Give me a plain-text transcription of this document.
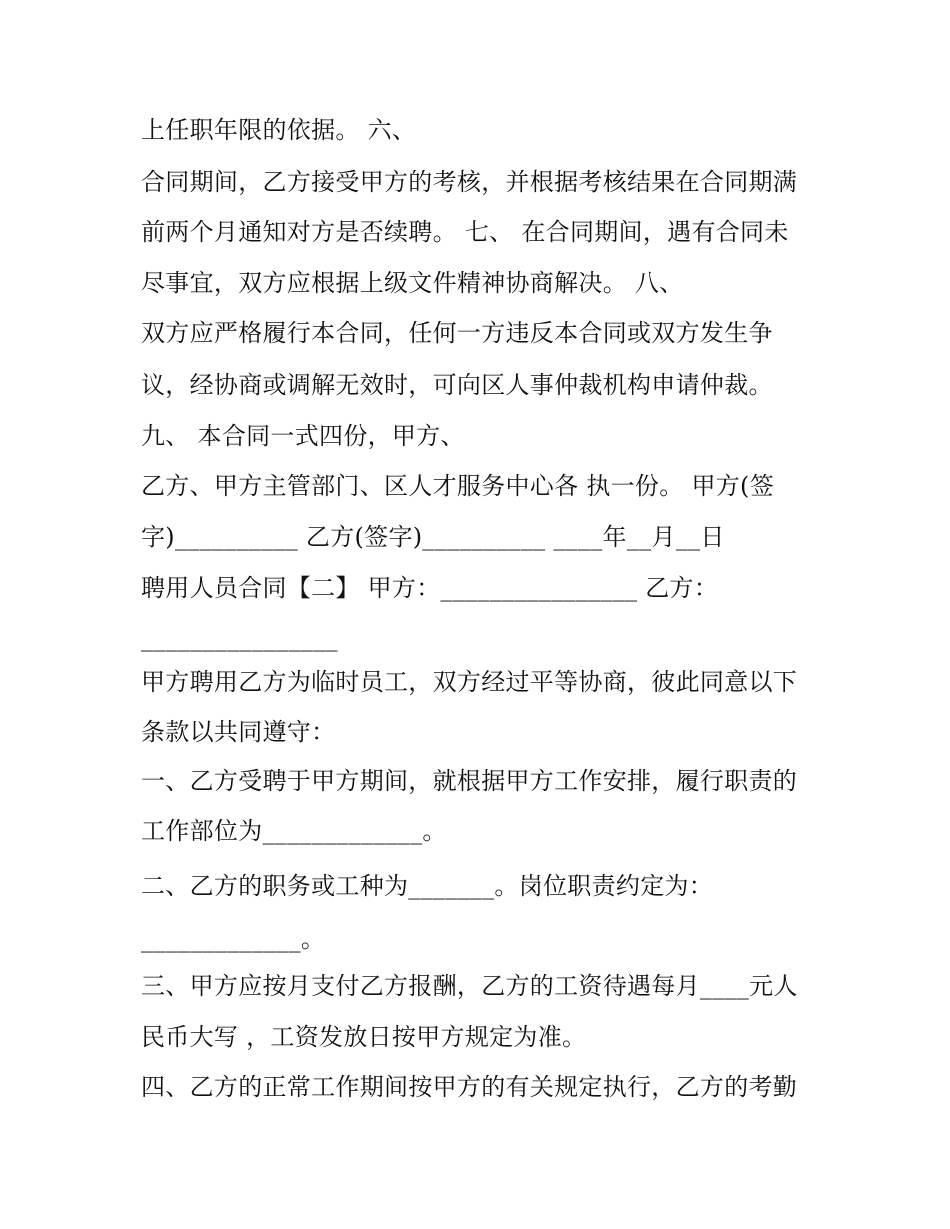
上任职年限的依据。 六、
合同期间，乙方接受甲方的考核，并根据考核结果在合同期满
前两个月通知对方是否续聘。 七、 在合同期间，遇有合同未
尽事宜，双方应根据上级文件精神协商解决。 八、
双方应严格履行本合同，任何一方违反本合同或双方发生争
议，经协商或调解无效时，可向区人事仲裁机构申请仲裁。
九、 本合同一式四份，甲方、
乙方、甲方主管部门、区人才服务中心各 执一份。 甲方(签
字)__________ 乙方(签字)__________ ____年__月__日
聘用人员合同【二】 甲方：________________ 乙方：
________________
甲方聘用乙方为临时员工，双方经过平等协商，彼此同意以下
条款以共同遵守：
一、乙方受聘于甲方期间，就根据甲方工作安排，履行职责的
工作部位为_____________。
二、乙方的职务或工种为_______。岗位职责约定为：
_____________。
三、甲方应按月支付乙方报酬，乙方的工资待遇每月____元人
民币大写 ，工资发放日按甲方规定为准。
四、乙方的正常工作期间按甲方的有关规定执行，乙方的考勤
